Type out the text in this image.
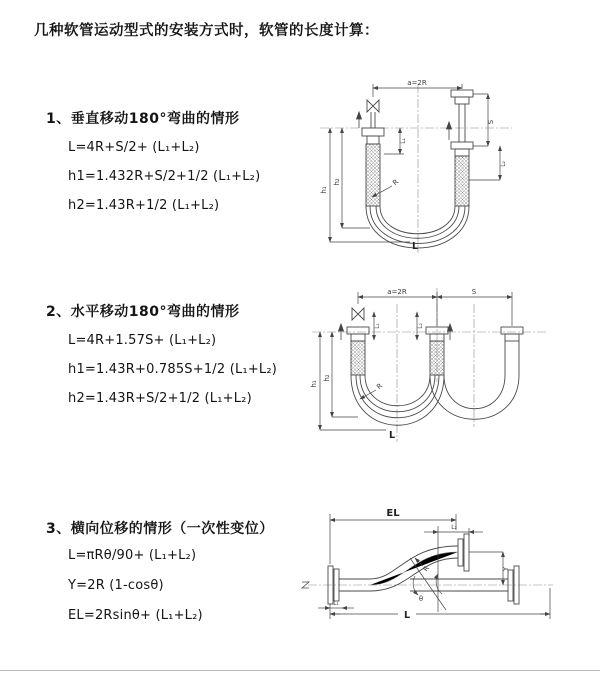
几种软管运动型式的安装方式时，软管的长度计算：
1、垂直移动180°弯曲的情形
L=4R+S/2+ (L₁+L₂)
h1=1.432R+S/2+1/2 (L₁+L₂)
h2=1.43R+1/2 (L₁+L₂)
2、水平移动180°弯曲的情形
L=4R+1.57S+ (L₁+L₂)
h1=1.43R+0.785S+1/2 (L₁+L₂)
h2=1.43R+S/2+1/2 (L₁+L₂)
3、横向位移的情形（一次性变位）
L=πRθ/90+ (L₁+L₂)
Y=2R (1-cosθ)
EL=2Rsinθ+ (L₁+L₂)
a=2R
h₁
h₂
L₁
S
L₂
R
L
a=2R	S
L₁	L₂
h₁
h₂
R
L
EL
L₂
Y
θ
R
L₁
L
